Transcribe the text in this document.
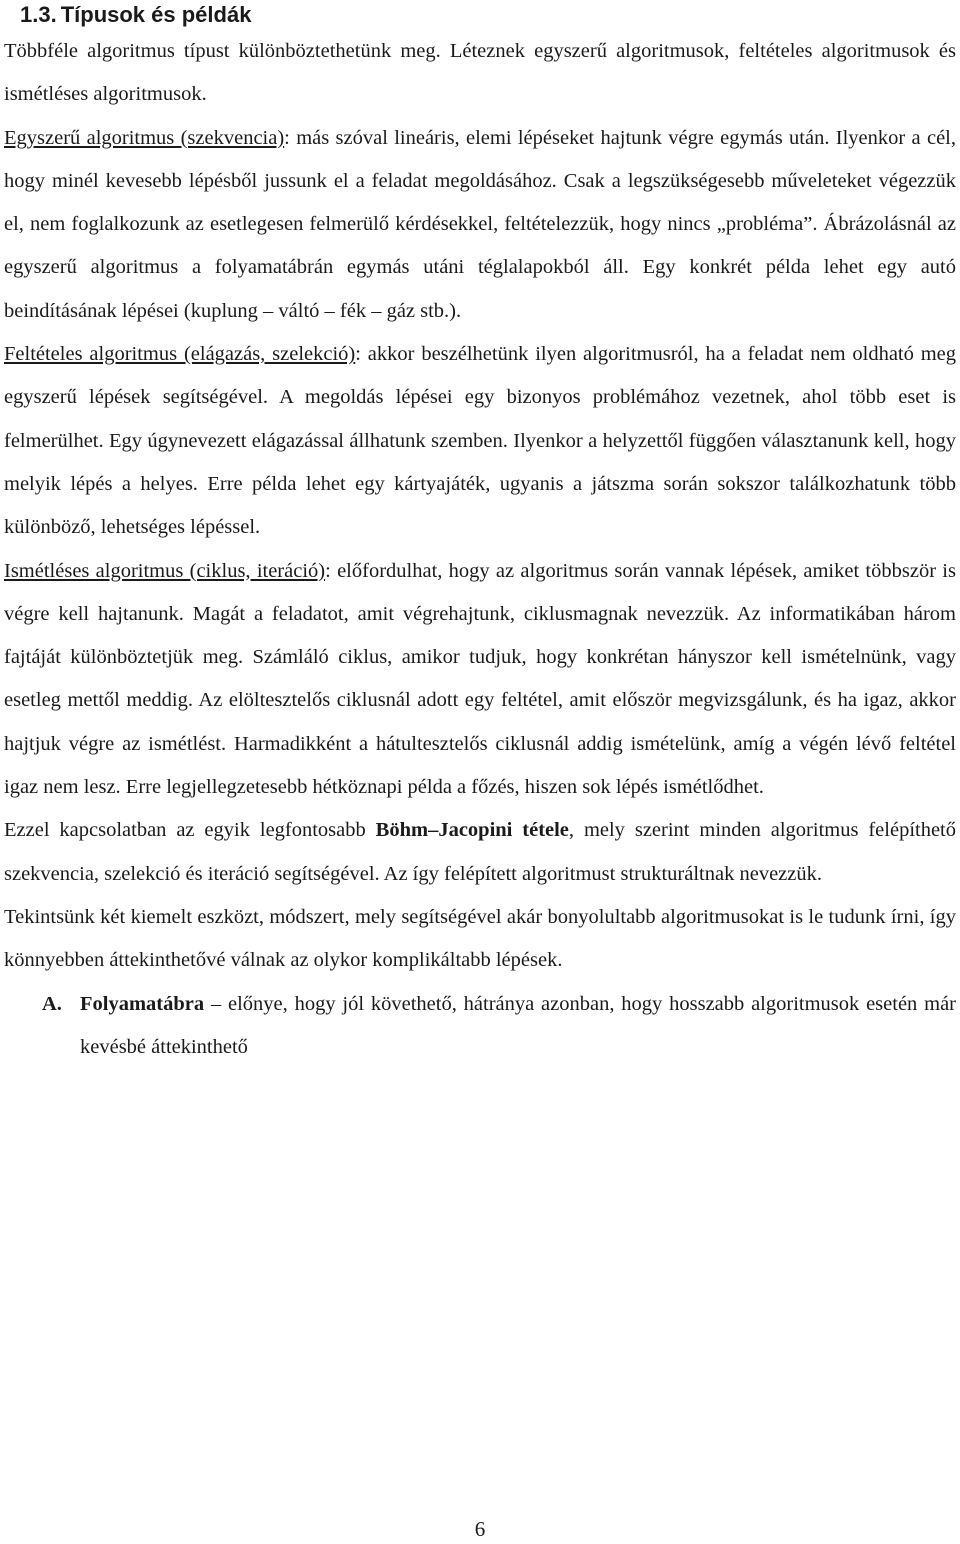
1.3. Típusok és példák

Többféle algoritmus típust különböztethetünk meg. Léteznek egyszerű algoritmusok, feltételes algoritmusok és ismétléses algoritmusok.

Egyszerű algoritmus (szekvencia): más szóval lineáris, elemi lépéseket hajtunk végre egymás után. Ilyenkor a cél, hogy minél kevesebb lépésből jussunk el a feladat megoldásához. Csak a legszükségesebb műveleteket végezzük el, nem foglalkozunk az esetlegesen felmerülő kérdésekkel, feltételezzük, hogy nincs „probléma”. Ábrázolásnál az egyszerű algoritmus a folyamatábrán egymás utáni téglalapokból áll. Egy konkrét példa lehet egy autó beindításának lépései (kuplung – váltó – fék – gáz stb.).

Feltételes algoritmus (elágazás, szelekció): akkor beszélhetünk ilyen algoritmusról, ha a feladat nem oldható meg egyszerű lépések segítségével. A megoldás lépései egy bizonyos problémához vezetnek, ahol több eset is felmerülhet. Egy úgynevezett elágazással állhatunk szemben. Ilyenkor a helyzettől függően választanunk kell, hogy melyik lépés a helyes. Erre példa lehet egy kártyajáték, ugyanis a játszma során sokszor találkozhatunk több különböző, lehetséges lépéssel.

Ismétléses algoritmus (ciklus, iteráció): előfordulhat, hogy az algoritmus során vannak lépések, amiket többször is végre kell hajtanunk. Magát a feladatot, amit végrehajtunk, ciklusmagnak nevezzük. Az informatikában három fajtáját különböztetjük meg. Számláló ciklus, amikor tudjuk, hogy konkrétan hányszor kell ismételnünk, vagy esetleg mettől meddig. Az elöltesztelős ciklusnál adott egy feltétel, amit először megvizsgálunk, és ha igaz, akkor hajtjuk végre az ismétlést. Harmadikként a hátultesztelős ciklusnál addig ismételünk, amíg a végén lévő feltétel igaz nem lesz. Erre legjellegzetesebb hétköznapi példa a főzés, hiszen sok lépés ismétlődhet.

Ezzel kapcsolatban az egyik legfontosabb Böhm–Jacopini tétele, mely szerint minden algoritmus felépíthető szekvencia, szelekció és iteráció segítségével. Az így felépített algoritmust strukturáltnak nevezzük.

Tekintsünk két kiemelt eszközt, módszert, mely segítségével akár bonyolultabb algoritmusokat is le tudunk írni, így könnyebben áttekinthetővé válnak az olykor komplikáltabb lépések.

A. Folyamatábra – előnye, hogy jól követhető, hátránya azonban, hogy hosszabb algoritmusok esetén már kevésbé áttekinthető

6
